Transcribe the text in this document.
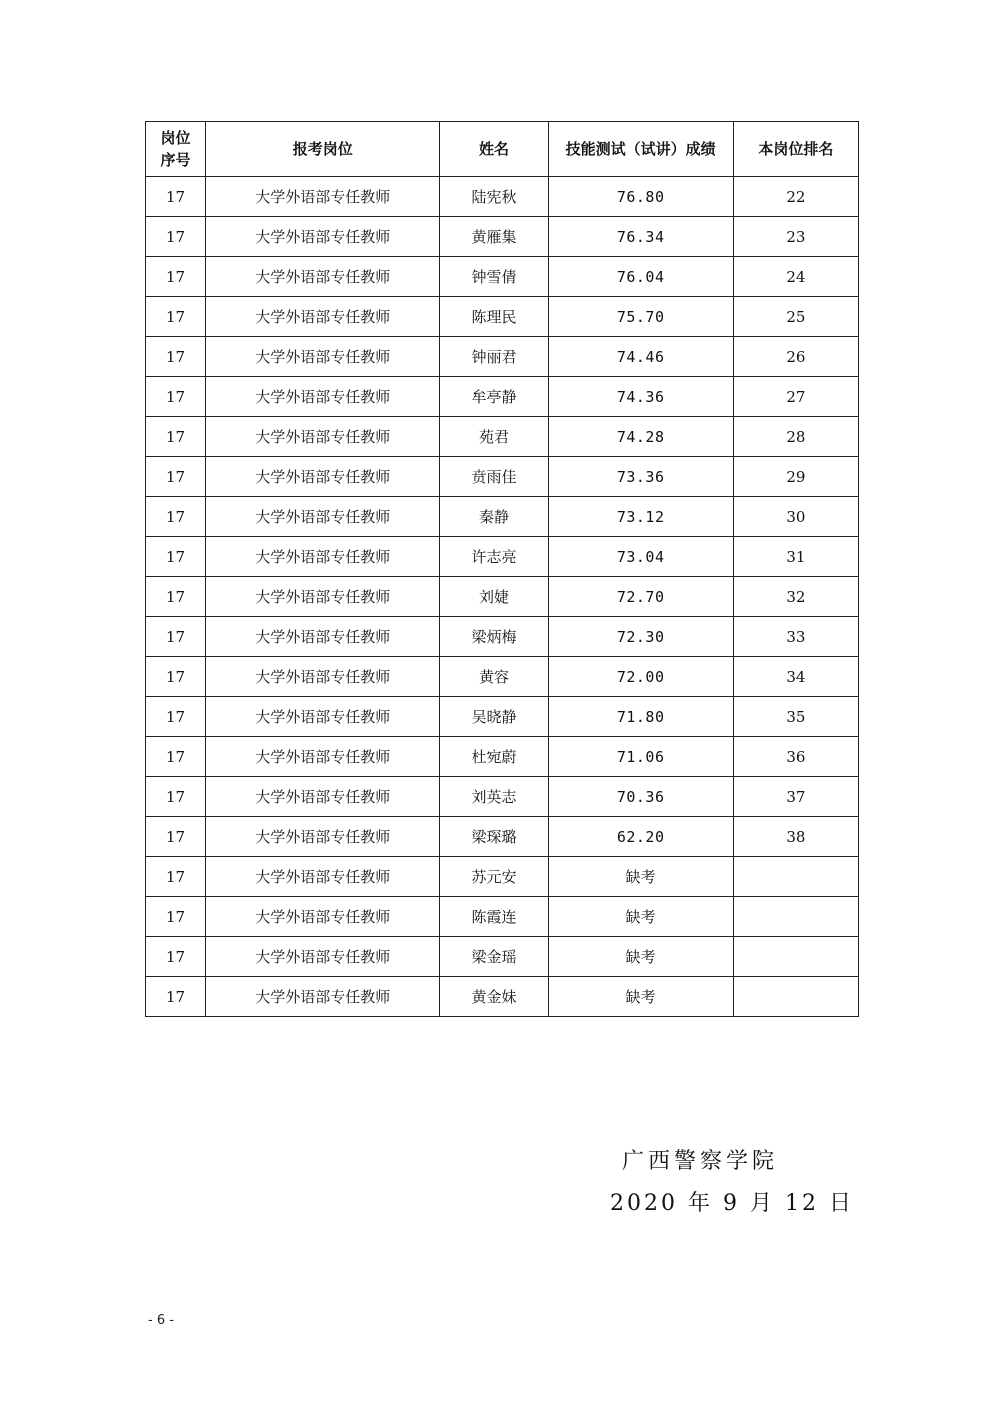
岗位序号	报考岗位	姓名	技能测试（试讲）成绩	本岗位排名
17	大学外语部专任教师	陆宪秋	76.80	22
17	大学外语部专任教师	黄雁集	76.34	23
17	大学外语部专任教师	钟雪倩	76.04	24
17	大学外语部专任教师	陈理民	75.70	25
17	大学外语部专任教师	钟丽君	74.46	26
17	大学外语部专任教师	牟亭静	74.36	27
17	大学外语部专任教师	苑君	74.28	28
17	大学外语部专任教师	贲雨佳	73.36	29
17	大学外语部专任教师	秦静	73.12	30
17	大学外语部专任教师	许志亮	73.04	31
17	大学外语部专任教师	刘婕	72.70	32
17	大学外语部专任教师	梁炳梅	72.30	33
17	大学外语部专任教师	黄容	72.00	34
17	大学外语部专任教师	吴晓静	71.80	35
17	大学外语部专任教师	杜宛蔚	71.06	36
17	大学外语部专任教师	刘英志	70.36	37
17	大学外语部专任教师	梁琛璐	62.20	38
17	大学外语部专任教师	苏元安	缺考	
17	大学外语部专任教师	陈霞连	缺考	
17	大学外语部专任教师	梁金瑶	缺考	
17	大学外语部专任教师	黄金妹	缺考	
广西警察学院
2020 年 9 月 12 日
- 6 -
